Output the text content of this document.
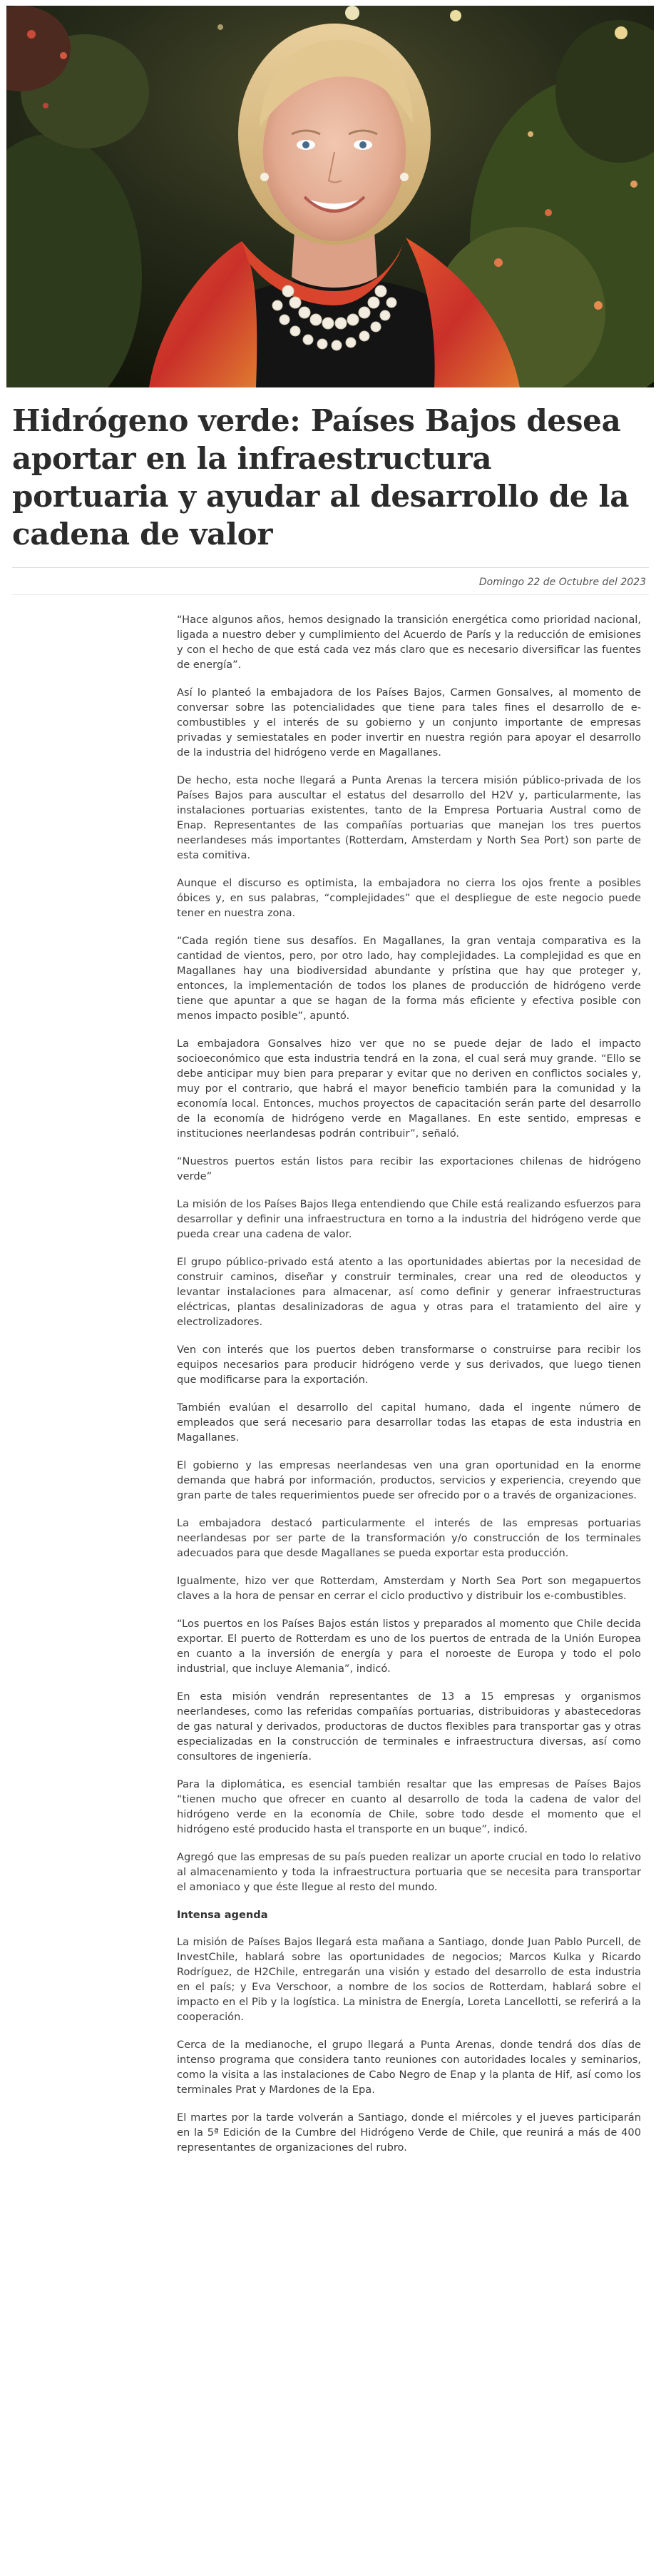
Hidrógeno verde: Países Bajos desea aportar en la infraestructura portuaria y ayudar al desarrollo de la cadena de valor
Domingo 22 de Octubre del 2023

“Hace algunos años, hemos designado la transición energética como prioridad nacional, ligada a nuestro deber y cumplimiento del Acuerdo de París y la reducción de emisiones y con el hecho de que está cada vez más claro que es necesario diversificar las fuentes de energía”.

Así lo planteó la embajadora de los Países Bajos, Carmen Gonsalves, al momento de conversar sobre las potencialidades que tiene para tales fines el desarrollo de e-combustibles y el interés de su gobierno y un conjunto importante de empresas privadas y semiestatales en poder invertir en nuestra región para apoyar el desarrollo de la industria del hidrógeno verde en Magallanes.

De hecho, esta noche llegará a Punta Arenas la tercera misión público-privada de los Países Bajos para auscultar el estatus del desarrollo del H2V y, particularmente, las instalaciones portuarias existentes, tanto de la Empresa Portuaria Austral como de Enap. Representantes de las compañías portuarias que manejan los tres puertos neerlandeses más importantes (Rotterdam, Amsterdam y North Sea Port) son parte de esta comitiva.

Aunque el discurso es optimista, la embajadora no cierra los ojos frente a posibles óbices y, en sus palabras, “complejidades” que el despliegue de este negocio puede tener en nuestra zona.

“Cada región tiene sus desafíos. En Magallanes, la gran ventaja comparativa es la cantidad de vientos, pero, por otro lado, hay complejidades. La complejidad es que en Magallanes hay una biodiversidad abundante y prístina que hay que proteger y, entonces, la implementación de todos los planes de producción de hidrógeno verde tiene que apuntar a que se hagan de la forma más eficiente y efectiva posible con menos impacto posible”, apuntó.

La embajadora Gonsalves hizo ver que no se puede dejar de lado el impacto socioeconómico que esta industria tendrá en la zona, el cual será muy grande. “Ello se debe anticipar muy bien para preparar y evitar que no deriven en conflictos sociales y, muy por el contrario, que habrá el mayor beneficio también para la comunidad y la economía local. Entonces, muchos proyectos de capacitación serán parte del desarrollo de la economía de hidrógeno verde en Magallanes. En este sentido, empresas e instituciones neerlandesas podrán contribuir”, señaló.

“Nuestros puertos están listos para recibir las exportaciones chilenas de hidrógeno verde”

La misión de los Países Bajos llega entendiendo que Chile está realizando esfuerzos para desarrollar y definir una infraestructura en torno a la industria del hidrógeno verde que pueda crear una cadena de valor.

El grupo público-privado está atento a las oportunidades abiertas por la necesidad de construir caminos, diseñar y construir terminales, crear una red de oleoductos y levantar instalaciones para almacenar, así como definir y generar infraestructuras eléctricas, plantas desalinizadoras de agua y otras para el tratamiento del aire y electrolizadores.

Ven con interés que los puertos deben transformarse o construirse para recibir los equipos necesarios para producir hidrógeno verde y sus derivados, que luego tienen que modificarse para la exportación.

También evalúan el desarrollo del capital humano, dada el ingente número de empleados que será necesario para desarrollar todas las etapas de esta industria en Magallanes.

El gobierno y las empresas neerlandesas ven una gran oportunidad en la enorme demanda que habrá por información, productos, servicios y experiencia, creyendo que gran parte de tales requerimientos puede ser ofrecido por o a través de organizaciones.

La embajadora destacó particularmente el interés de las empresas portuarias neerlandesas por ser parte de la transformación y/o construcción de los terminales adecuados para que desde Magallanes se pueda exportar esta producción.

Igualmente, hizo ver que Rotterdam, Amsterdam y North Sea Port son megapuertos claves a la hora de pensar en cerrar el ciclo productivo y distribuir los e-combustibles.

“Los puertos en los Países Bajos están listos y preparados al momento que Chile decida exportar. El puerto de Rotterdam es uno de los puertos de entrada de la Unión Europea en cuanto a la inversión de energía y para el noroeste de Europa y todo el polo industrial, que incluye Alemania”, indicó.

En esta misión vendrán representantes de 13 a 15 empresas y organismos neerlandeses, como las referidas compañías portuarias, distribuidoras y abastecedoras de gas natural y derivados, productoras de ductos flexibles para transportar gas y otras especializadas en la construcción de terminales e infraestructura diversas, así como consultores de ingeniería.

Para la diplomática, es esencial también resaltar que las empresas de Países Bajos “tienen mucho que ofrecer en cuanto al desarrollo de toda la cadena de valor del hidrógeno verde en la economía de Chile, sobre todo desde el momento que el hidrógeno esté producido hasta el transporte en un buque”, indicó.

Agregó que las empresas de su país pueden realizar un aporte crucial en todo lo relativo al almacenamiento y toda la infraestructura portuaria que se necesita para transportar el amoniaco y que éste llegue al resto del mundo.

Intensa agenda

La misión de Países Bajos llegará esta mañana a Santiago, donde Juan Pablo Purcell, de InvestChile, hablará sobre las oportunidades de negocios; Marcos Kulka y Ricardo Rodríguez, de H2Chile, entregarán una visión y estado del desarrollo de esta industria en el país; y Eva Verschoor, a nombre de los socios de Rotterdam, hablará sobre el impacto en el Pib y la logística. La ministra de Energía, Loreta Lancellotti, se referirá a la cooperación.

Cerca de la medianoche, el grupo llegará a Punta Arenas, donde tendrá dos días de intenso programa que considera tanto reuniones con autoridades locales y seminarios, como la visita a las instalaciones de Cabo Negro de Enap y la planta de Hif, así como los terminales Prat y Mardones de la Epa.

El martes por la tarde volverán a Santiago, donde el miércoles y el jueves participarán en la 5ª Edición de la Cumbre del Hidrógeno Verde de Chile, que reunirá a más de 400 representantes de organizaciones del rubro.
